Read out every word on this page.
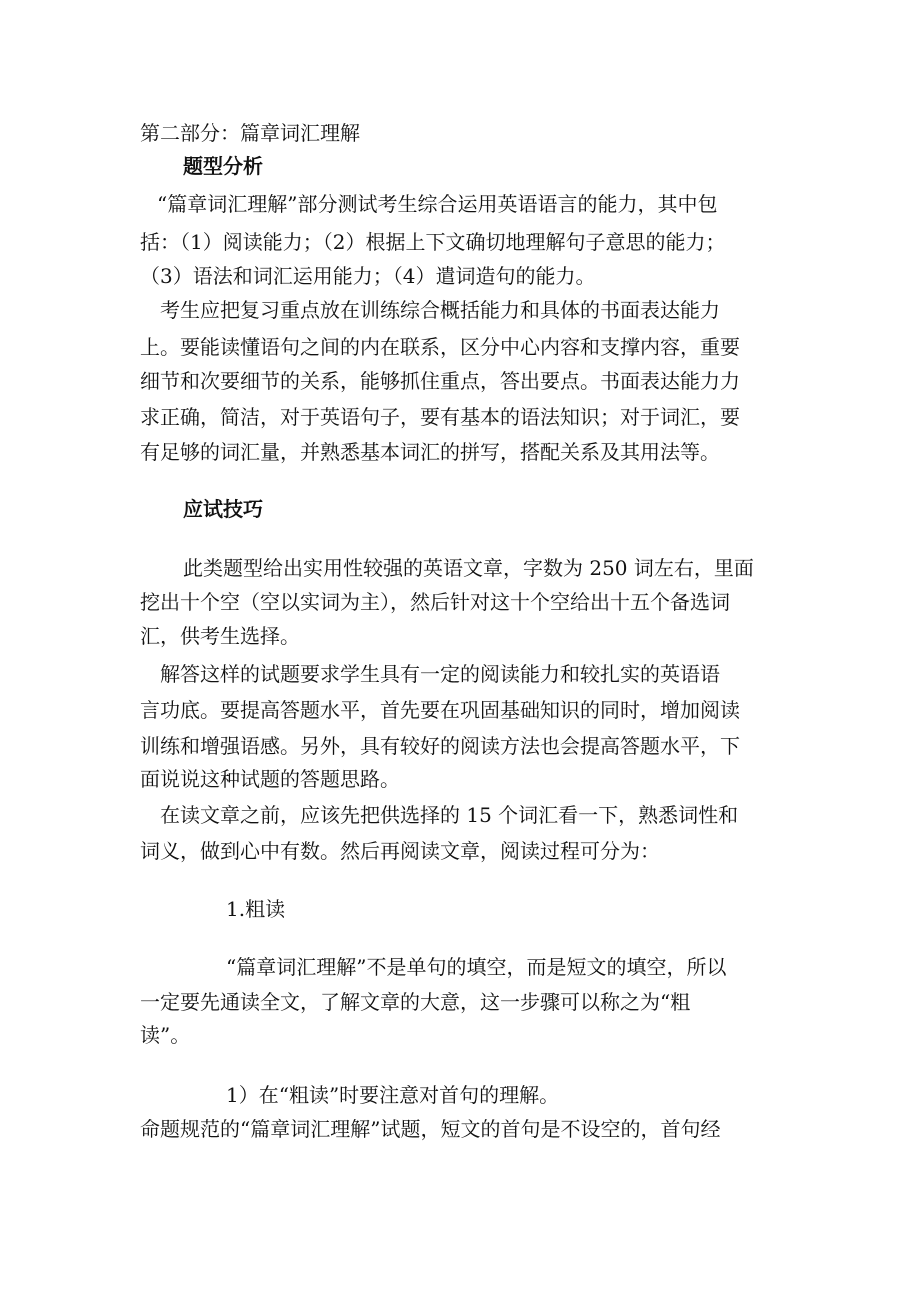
第二部分：篇章词汇理解
题型分析
“篇章词汇理解”部分测试考生综合运用英语语言的能力，其中包
括：（1）阅读能力；（2）根据上下文确切地理解句子意思的能力；
（3）语法和词汇运用能力；（4）遣词造句的能力。
考生应把复习重点放在训练综合概括能力和具体的书面表达能力
上。要能读懂语句之间的内在联系，区分中心内容和支撑内容，重要
细节和次要细节的关系，能够抓住重点，答出要点。书面表达能力力
求正确，简洁，对于英语句子，要有基本的语法知识；对于词汇，要
有足够的词汇量，并熟悉基本词汇的拼写，搭配关系及其用法等。
应试技巧
此类题型给出实用性较强的英语文章，字数为 250 词左右，里面
挖出十个空（空以实词为主），然后针对这十个空给出十五个备选词
汇，供考生选择。
解答这样的试题要求学生具有一定的阅读能力和较扎实的英语语
言功底。要提高答题水平，首先要在巩固基础知识的同时，增加阅读
训练和增强语感。另外，具有较好的阅读方法也会提高答题水平，下
面说说这种试题的答题思路。
在读文章之前，应该先把供选择的 15 个词汇看一下，熟悉词性和
词义，做到心中有数。然后再阅读文章，阅读过程可分为：
1.粗读
“篇章词汇理解”不是单句的填空，而是短文的填空，所以
一定要先通读全文，了解文章的大意，这一步骤可以称之为“粗
读”。
1）在“粗读”时要注意对首句的理解。
命题规范的“篇章词汇理解”试题，短文的首句是不设空的，首句经
